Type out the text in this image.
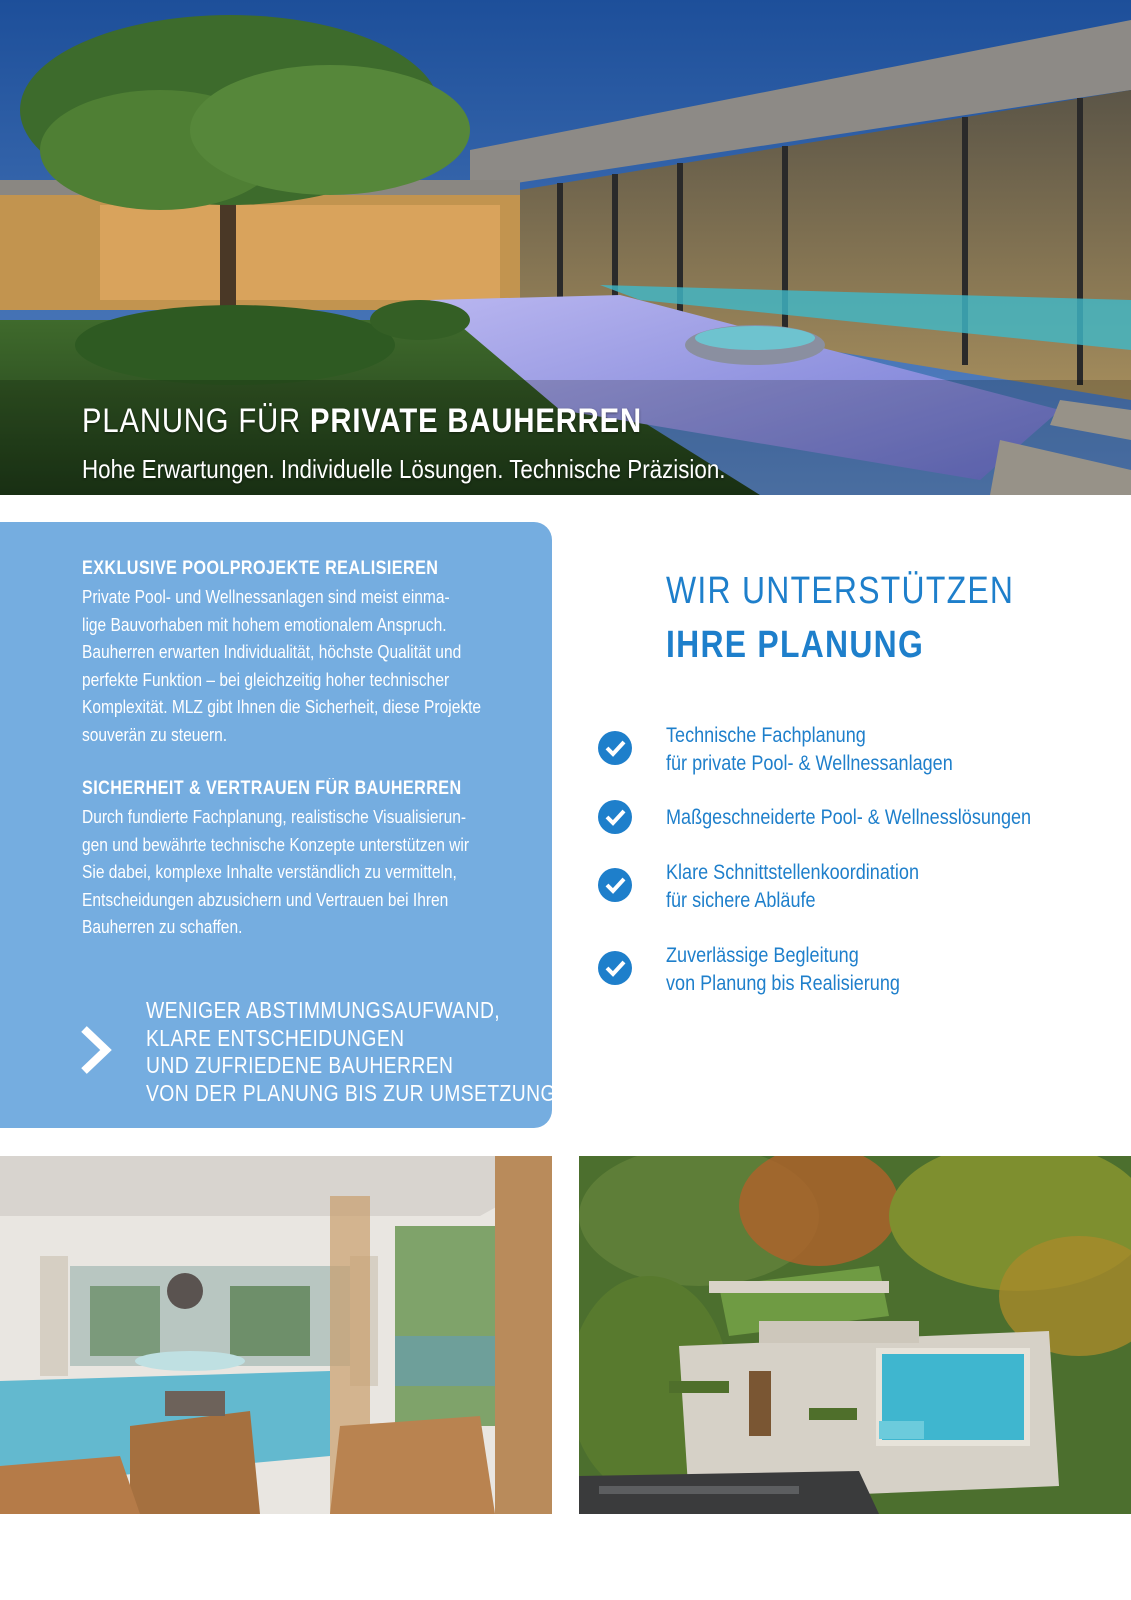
PLANUNG FÜR PRIVATE BAUHERREN
Hohe Erwartungen. Individuelle Lösungen. Technische Präzision.
EXKLUSIVE POOLPROJEKTE REALISIEREN
Private Pool- und Wellnessanlagen sind meist einma-
lige Bauvorhaben mit hohem emotionalem Anspruch.
Bauherren erwarten Individualität, höchste Qualität und
perfekte Funktion – bei gleichzeitig hoher technischer
Komplexität. MLZ gibt Ihnen die Sicherheit, diese Projekte
souverän zu steuern.
SICHERHEIT & VERTRAUEN FÜR BAUHERREN
Durch fundierte Fachplanung, realistische Visualisierun-
gen und bewährte technische Konzepte unterstützen wir
Sie dabei, komplexe Inhalte verständlich zu vermitteln,
Entscheidungen abzusichern und Vertrauen bei Ihren
Bauherren zu schaffen.
WENIGER ABSTIMMUNGSAUFWAND,
KLARE ENTSCHEIDUNGEN
UND ZUFRIEDENE BAUHERREN
VON DER PLANUNG BIS ZUR UMSETZUNG.
WIR UNTERSTÜTZEN
IHRE PLANUNG
Technische Fachplanung
für private Pool- & Wellnessanlagen
Maßgeschneiderte Pool- & Wellnesslösungen
Klare Schnittstellenkoordination
für sichere Abläufe
Zuverlässige Begleitung
von Planung bis Realisierung
